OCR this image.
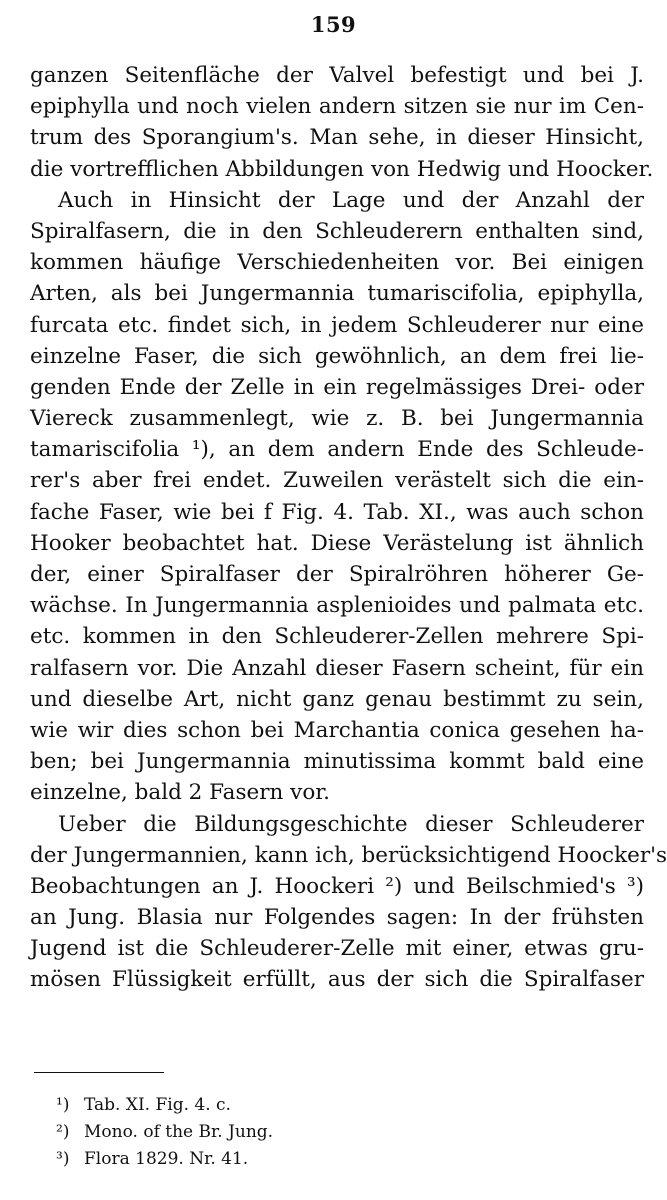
159
ganzen Seitenfläche der Valvel befestigt und bei J.
epiphylla und noch vielen andern sitzen sie nur im Cen-
trum des Sporangium's. Man sehe, in dieser Hinsicht,
die vortrefflichen Abbildungen von Hedwig und Hoocker.
Auch in Hinsicht der Lage und der Anzahl der
Spiralfasern, die in den Schleuderern enthalten sind,
kommen häufige Verschiedenheiten vor. Bei einigen
Arten, als bei Jungermannia tumariscifolia, epiphylla,
furcata etc. findet sich, in jedem Schleuderer nur eine
einzelne Faser, die sich gewöhnlich, an dem frei lie-
genden Ende der Zelle in ein regelmässiges Drei- oder
Viereck zusammenlegt, wie z. B. bei Jungermannia
tamariscifolia ¹), an dem andern Ende des Schleude-
rer's aber frei endet. Zuweilen verästelt sich die ein-
fache Faser, wie bei f Fig. 4. Tab. XI., was auch schon
Hooker beobachtet hat. Diese Verästelung ist ähnlich
der, einer Spiralfaser der Spiralröhren höherer Ge-
wächse. In Jungermannia asplenioides und palmata etc.
etc. kommen in den Schleuderer-Zellen mehrere Spi-
ralfasern vor. Die Anzahl dieser Fasern scheint, für ein
und dieselbe Art, nicht ganz genau bestimmt zu sein,
wie wir dies schon bei Marchantia conica gesehen ha-
ben; bei Jungermannia minutissima kommt bald eine
einzelne, bald 2 Fasern vor.
Ueber die Bildungsgeschichte dieser Schleuderer
der Jungermannien, kann ich, berücksichtigend Hoocker's
Beobachtungen an J. Hoockeri ²) und Beilschmied's ³)
an Jung. Blasia nur Folgendes sagen: In der frühsten
Jugend ist die Schleuderer-Zelle mit einer, etwas gru-
mösen Flüssigkeit erfüllt, aus der sich die Spiralfaser
¹) Tab. XI. Fig. 4. c.
²) Mono. of the Br. Jung.
³) Flora 1829. Nr. 41.
